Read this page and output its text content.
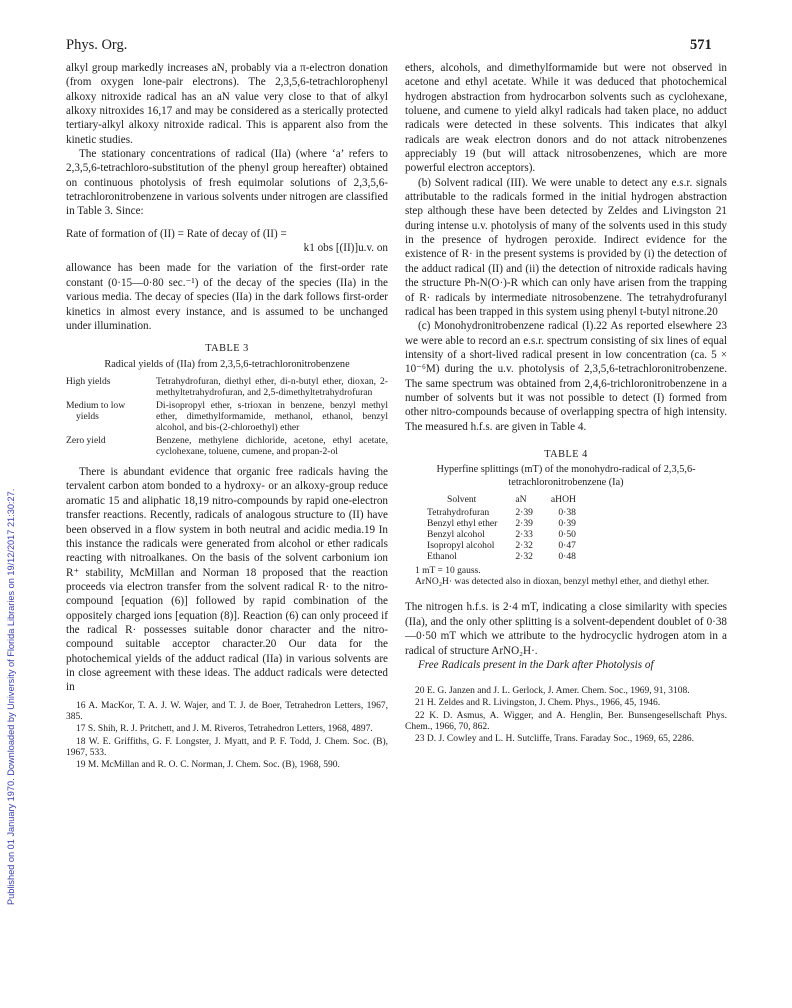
Phys. Org.	571
Published on 01 January 1970. Downloaded by University of Florida Libraries on 19/12/2017 21:30:27.

alkyl group markedly increases aN, probably via a π-electron donation (from oxygen lone-pair electrons). The 2,3,5,6-tetrachlorophenyl alkoxy nitroxide radical has an aN value very close to that of alkyl alkoxy nitroxides 16,17 and may be considered as a sterically protected tertiary-alkyl alkoxy nitroxide radical. This is apparent also from the kinetic studies.

The stationary concentrations of radical (IIa) (where ‘a’ refers to 2,3,5,6-tetrachloro-substitution of the phenyl group hereafter) obtained on continuous photolysis of fresh equimolar solutions of 2,3,5,6-tetrachloronitrobenzene in various solvents under nitrogen are classified in Table 3. Since:

Rate of formation of (II) = Rate of decay of (II) =

k1 obs [(II)]u.v. on

allowance has been made for the variation of the first-order rate constant (0·15—0·80 sec.⁻¹) of the decay of the species (IIa) in the various media. The decay of species (IIa) in the dark follows first-order kinetics in almost every instance, and is assumed to be unchanged under illumination.

TABLE 3
Radical yields of (IIa) from 2,3,5,6-tetrachloronitrobenzene
High yields	Tetrahydrofuran, diethyl ether, di-n-butyl ether, dioxan, 2-methyltetrahydrofuran, and 2,5-dimethyltetrahydrofuran

Medium to low
yields	Di-isopropyl ether, s-trioxan in benzene, benzyl methyl ether, dimethylformamide, methanol, ethanol, benzyl alcohol, and bis-(2-chloroethyl) ether

Zero yield	Benzene, methylene dichloride, acetone, ethyl acetate, cyclohexane, toluene, cumene, and propan-2-ol

There is abundant evidence that organic free radicals having the tervalent carbon atom bonded to a hydroxy- or an alkoxy-group reduce aromatic 15 and aliphatic 18,19 nitro-compounds by rapid one-electron transfer reactions. Recently, radicals of analogous structure to (II) have been observed in a flow system in both neutral and acidic media.19 In this instance the radicals were generated from alcohol or ether radicals reacting with nitroalkanes. On the basis of the solvent carbonium ion R⁺ stability, McMillan and Norman 18 proposed that the reaction proceeds via electron transfer from the solvent radical R· to the nitro-compound [equation (6)] followed by rapid combination of the oppositely charged ions [equation (8)]. Reaction (6) can only proceed if the radical R· possesses suitable donor character and the nitro-compound suitable acceptor character.20 Our data for the photochemical yields of the adduct radical (IIa) in various solvents are in close agreement with these ideas. The adduct radicals were detected in

16 A. MacKor, T. A. J. W. Wajer, and T. J. de Boer, Tetrahedron Letters, 1967, 385.

17 S. Shih, R. J. Pritchett, and J. M. Riveros, Tetrahedron Letters, 1968, 4897.

18 W. E. Griffiths, G. F. Longster, J. Myatt, and P. F. Todd, J. Chem. Soc. (B), 1967, 533.

19 M. McMillan and R. O. C. Norman, J. Chem. Soc. (B), 1968, 590.

ethers, alcohols, and dimethylformamide but were not observed in acetone and ethyl acetate. While it was deduced that photochemical hydrogen abstraction from hydrocarbon solvents such as cyclohexane, toluene, and cumene to yield alkyl radicals had taken place, no adduct radicals were detected in these solvents. This indicates that alkyl radicals are weak electron donors and do not attack nitrobenzenes appreciably 19 (but will attack nitrosobenzenes, which are more powerful electron acceptors).

(b) Solvent radical (III). We were unable to detect any e.s.r. signals attributable to the radicals formed in the initial hydrogen abstraction step although these have been detected by Zeldes and Livingston 21 during intense u.v. photolysis of many of the solvents used in this study in the presence of hydrogen peroxide. Indirect evidence for the existence of R· in the present systems is provided by (i) the detection of the adduct radical (II) and (ii) the detection of nitroxide radicals having the structure Ph-N(O·)-R which can only have arisen from the trapping of R· radicals by intermediate nitrosobenzene. The tetrahydrofuranyl radical has been trapped in this system using phenyl t-butyl nitrone.20

(c) Monohydronitrobenzene radical (I).22 As reported elsewhere 23 we were able to record an e.s.r. spectrum consisting of six lines of equal intensity of a short-lived radical present in low concentration (ca. 5 × 10⁻⁶M) during the u.v. photolysis of 2,3,5,6-tetrachloronitrobenzene. The same spectrum was obtained from 2,4,6-trichloronitrobenzene in a number of solvents but it was not possible to detect (I) formed from other nitro-compounds because of overlapping spectra of high intensity. The measured h.f.s. are given in Table 4.

TABLE 4
Hyperfine splittings (mT) of the monohydro-radical of 2,3,5,6-tetrachloronitrobenzene (Ia)
Solvent	aN	aHOH
Tetrahydrofuran	2·39	0·38
Benzyl ethyl ether	2·39	0·39
Benzyl alcohol	2·33	0·50
Isopropyl alcohol	2·32	0·47
Ethanol	2·32	0·48

1 mT = 10 gauss.

ArNO₂H· was detected also in dioxan, benzyl methyl ether, and diethyl ether.

The nitrogen h.f.s. is 2·4 mT, indicating a close similarity with species (IIa), and the only other splitting is a solvent-dependent doublet of 0·38—0·50 mT which we attribute to the hydrocyclic hydrogen atom in a radical of structure ArNO₂H·.

Free Radicals present in the Dark after Photolysis of

20 E. G. Janzen and J. L. Gerlock, J. Amer. Chem. Soc., 1969, 91, 3108.

21 H. Zeldes and R. Livingston, J. Chem. Phys., 1966, 45, 1946.

22 K. D. Asmus, A. Wigger, and A. Henglin, Ber. Bunsengesellschaft Phys. Chem., 1966, 70, 862.

23 D. J. Cowley and L. H. Sutcliffe, Trans. Faraday Soc., 1969, 65, 2286.
